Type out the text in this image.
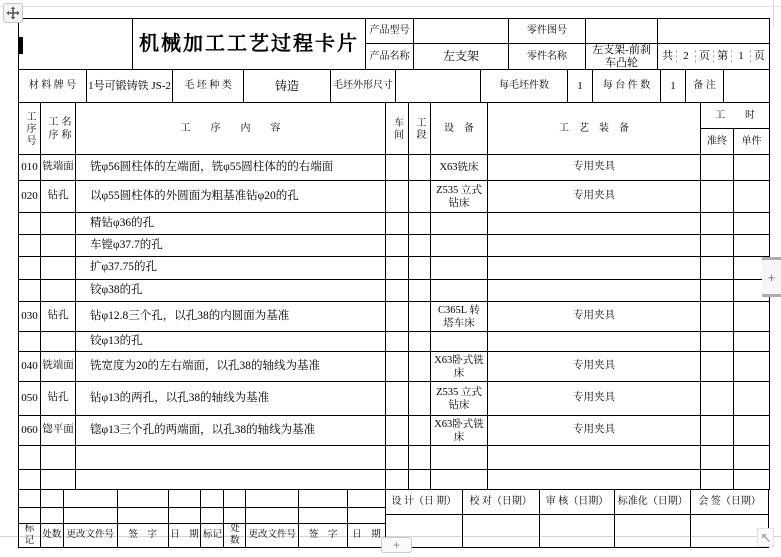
	机械加工工艺过程卡片	产品型号		零件图号		
产品名称	左支架	零件名称	左支架-前刹车凸轮	
共 2 页 第 1 页
材 料 牌 号	1号可锻铸铁 JS-2	毛 坯 种 类	铸造	毛坯外形尺寸		每毛坯件数	1	每 台 件 数	1	备 注	
工序号	工序名称	工　　序　　内　　容	车间	工段	设　备	工　艺　装　备	工　　时	
							准终	单件
010	铣端面	铣φ56圆柱体的左端面，铣φ55圆柱体的的右端面			X63铣床	专用夹具		
020	钻孔	以φ55圆柱体的外圆面为粗基准钻φ20的孔			Z535 立式钻床	专用夹具		
		精钻φ36的孔						
		车镗φ37.7的孔						
		扩φ37.75的孔						
		铰φ38的孔						
030	钻孔	钻φ12.8三个孔，以孔38的内圆面为基准			C365L 转塔车床	专用夹具		
		铰φ13的孔						
040	铣端面	铣宽度为20的左右端面，以孔38的轴线为基准			X63卧式铣床	专用夹具		
050	钻孔	钻φ13的两孔，以孔38的轴线为基准			Z535 立式钻床	专用夹具		
060	锪平面	锪φ13三个孔的两端面，以孔38的轴线为基准			X63卧式铣床	专用夹具		

标记	处数	更改文件号	签　字	日　期	标记	处数	更改文件号	签　字	日　期
设 计（日 期）	校 对（日期）	审 核（日期）	标准化（日期）	会 签（日期）

+
+
